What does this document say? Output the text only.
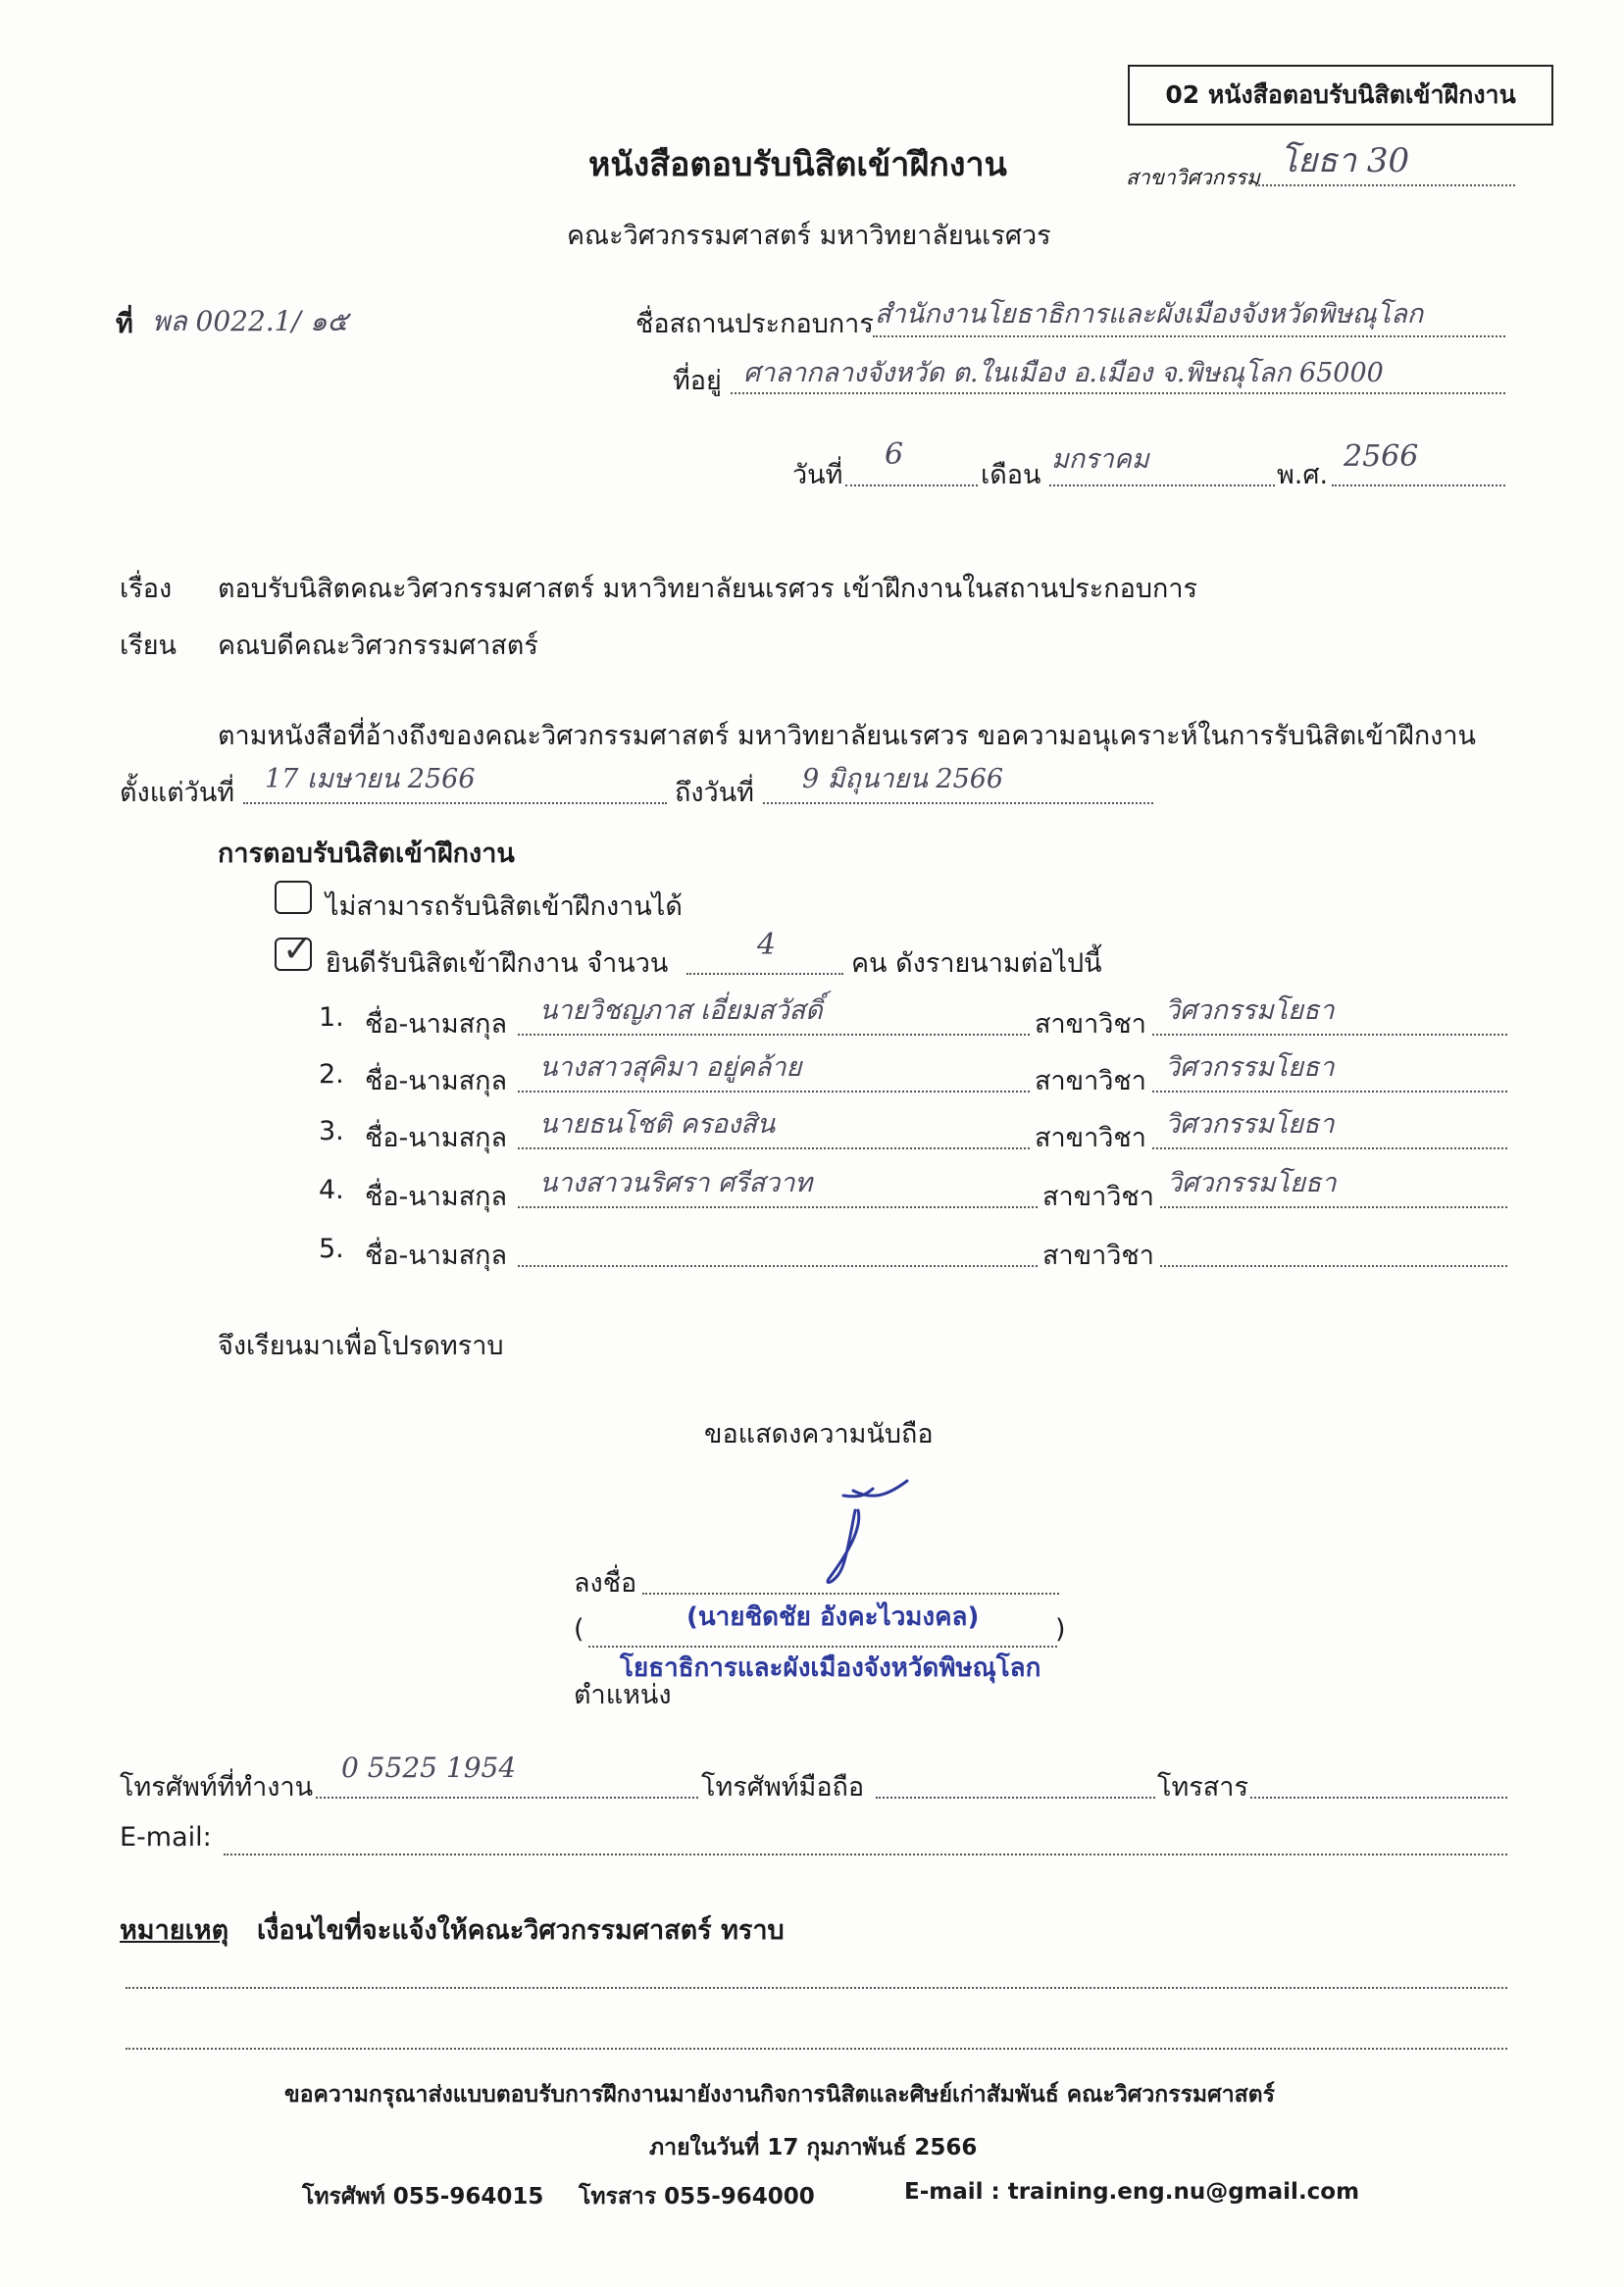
02 หนังสือตอบรับนิสิตเข้าฝึกงาน
หนังสือตอบรับนิสิตเข้าฝึกงาน
คณะวิศวกรรมศาสตร์ มหาวิทยาลัยนเรศวร
สาขาวิศวกรรม โยธา 30
ที่ พล 0022.1/ ๑๕	ชื่อสถานประกอบการ สำนักงานโยธาธิการและผังเมืองจังหวัดพิษณุโลก
ที่อยู่ ศาลากลางจังหวัด ต.ในเมือง อ.เมือง จ.พิษณุโลก 65000
วันที่
6
เดือน
มกราคม
พ.ศ.
2566
เรื่อง ตอบรับนิสิตคณะวิศวกรรมศาสตร์ มหาวิทยาลัยนเรศวร เข้าฝึกงานในสถานประกอบการ
เรียน คณบดีคณะวิศวกรรมศาสตร์
ตามหนังสือที่อ้างถึงของคณะวิศวกรรมศาสตร์ มหาวิทยาลัยนเรศวร ขอความอนุเคราะห์ในการรับนิสิตเข้าฝึกงาน
ตั้งแต่วันที่ 17 เมษายน 2566	ถึงวันที่ 9 มิถุนายน 2566
การตอบรับนิสิตเข้าฝึกงาน
ไม่สามารถรับนิสิตเข้าฝึกงานได้
✓ ยินดีรับนิสิตเข้าฝึกงาน จำนวน
4
คน ดังรายนามต่อไปนี้
1. ชื่อ-นามสกุล นายวิชญภาส เอี่ยมสวัสดิ์	สาขาวิชา วิศวกรรมโยธา
2. ชื่อ-นามสกุล นางสาวสุคิมา อยู่คล้าย	สาขาวิชา วิศวกรรมโยธา
3. ชื่อ-นามสกุล นายธนโชติ ครองสิน	สาขาวิชา วิศวกรรมโยธา
4. ชื่อ-นามสกุล นางสาวนริศรา ศรีสวาท	สาขาวิชา วิศวกรรมโยธา
5. ชื่อ-นามสกุล	สาขาวิชา
จึงเรียนมาเพื่อโปรดทราบ
ขอแสดงความนับถือ
ลงชื่อ
(	)
(นายชิดชัย อังคะไวมงคล)
ตำแหน่ง
โยธาธิการและผังเมืองจังหวัดพิษณุโลก
โทรศัพท์ที่ทำงาน
0 5525 1954
โทรศัพท์มือถือ	โทรสาร
E-mail:
หมายเหตุ เงื่อนไขที่จะแจ้งให้คณะวิศวกรรมศาสตร์ ทราบ
ขอความกรุณาส่งแบบตอบรับการฝึกงานมายังงานกิจการนิสิตและศิษย์เก่าสัมพันธ์ คณะวิศวกรรมศาสตร์
ภายในวันที่ 17 กุมภาพันธ์ 2566
โทรศัพท์ 055-964015 โทรสาร 055-964000	E-mail : training.eng.nu@gmail.com
